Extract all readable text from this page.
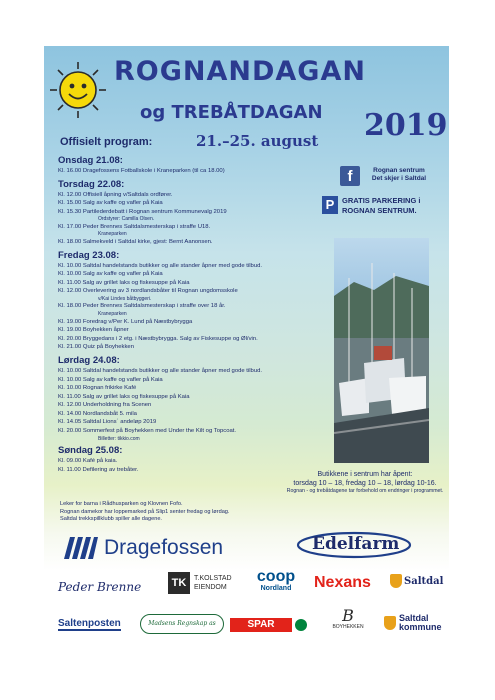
ROGNANDAGAN
og TREBÅTDAGAN 2019
21.–25. august
Offisielt program:
f	Rognan sentrum
Det skjer i Saltdal
P	GRATIS PARKERING i
ROGNAN SENTRUM.
Onsdag 21.08:
Kl. 16.00 Dragefossens Fotballskole i Kraneparken (til ca 18.00)
Torsdag 22.08:
Kl. 12.00 Offisiell åpning v/Saltdals ordfører.
Kl. 15.00 Salg av kaffe og vafler på Kaia
Kl. 15.30 Partilederdebatt i Rognan sentrum Kommunevalg 2019
Ordstyrer: Camilla Olsen.
Kl. 17.00 Peder Brennes Saltdalsmesterskap i straffe U18.
Kraneparken
Kl. 18.00 Salmekveld i Saltdal kirke, gjest: Bernt Aanonsen.
Fredag 23.08:
Kl. 10.00 Saltdal handelstands butikker og alle stander åpner med gode tilbud.
Kl. 10.00 Salg av kaffe og vafler på Kaia
Kl. 11.00 Salg av grillet laks og fiskesuppe på Kaia
Kl. 12.00 Overlevering av 3 nordlandsbåter til Rognan ungdomsskole
v/Kai Lindes båtbyggeri.
Kl. 18.00 Peder Brennes Saltdalsmesterskap i straffe over 18 år.
Kraneparken
Kl. 19.00 Foredrag v/Per K. Lund på Næstbybrygga
Kl. 19.00 Boyhekken åpner
Kl. 20.00 Bryggedans i 2 etg. i Næstbybrygga. Salg av Fiskesuppe og Øl/vin.
Kl. 21.00 Quiz på Boyhekken
Lørdag 24.08:
Kl. 10.00 Saltdal handelstands butikker og alle stander åpner med gode tilbud.
Kl. 10.00 Salg av kaffe og vafler på Kaia
Kl. 10.00 Rognan frikirke Kafé
Kl. 11.00 Salg av grillet laks og fiskesuppe på Kaia
Kl. 12.00 Underholdning fra Scenen
Kl. 14.00 Nordlandsbåt 5. mila
Kl. 14.05 Saltdal Lions´ andeløp 2019
Kl. 20.00 Sommerfest på Boyhekken med Under the Kilt og Topcoat.
Billetter: tikkio.com
Søndag 25.08:
Kl. 09.00 Kafé på kaia.
Kl. 11.00 Defilering av trebåter.
Butikkene i sentrum har åpent:
torsdag 10 – 18, fredag 10 – 18, lørdag 10-16.
Rognan - og trebåtdagene tar forbehold om endringer i programmet.
Leker for barna i Rådhusparken og Klovnen Fofo.
Rognan damekor har loppemarked på Slip1 senter fredag og lørdag.
Saltdal trekkspillklubb spiller alle dagene.
Dragefossen	Edelfarm
Peder Brenne	TK	T.KOLSTAD
EIENDOM
coop
Nordland	Nexans	Saltdal
Saltenposten	Madsens Regnskap as	SPAR	B
BOYHEKKEN
Saltdal
kommune
